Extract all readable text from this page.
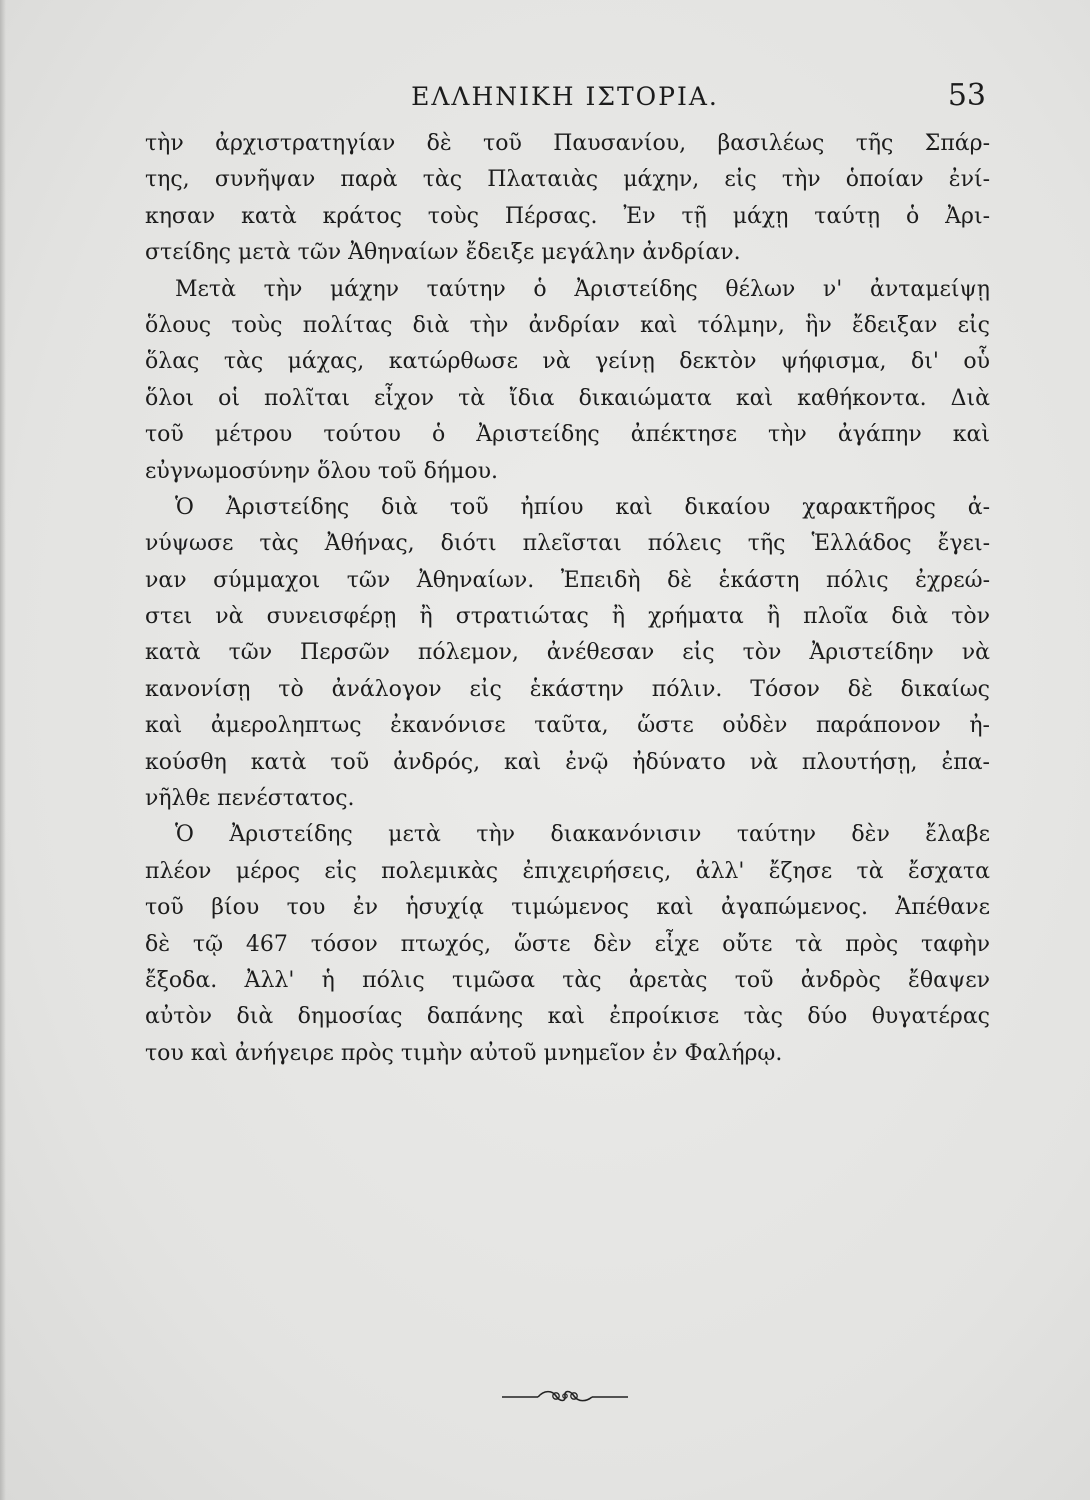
ΕΛΛΗΝΙΚΗ ΙΣΤΟΡΙΑ.	53
τὴν ἀρχιστρατηγίαν δὲ τοῦ Παυσανίου, βασιλέως τῆς Σπάρ-
της, συνῆψαν παρὰ τὰς Πλαταιὰς μάχην, εἰς τὴν ὁποίαν ἐνί-
κησαν κατὰ κράτος τοὺς Πέρσας. Ἐν τῇ μάχῃ ταύτῃ ὁ Ἀρι-
στείδης μετὰ τῶν Ἀθηναίων ἔδειξε μεγάλην ἀνδρίαν.
Μετὰ τὴν μάχην ταύτην ὁ Ἀριστείδης θέλων ν' ἀνταμείψῃ
ὅλους τοὺς πολίτας διὰ τὴν ἀνδρίαν καὶ τόλμην, ἣν ἔδειξαν εἰς
ὅλας τὰς μάχας, κατώρθωσε νὰ γείνῃ δεκτὸν ψήφισμα, δι' οὗ
ὅλοι οἱ πολῖται εἶχον τὰ ἴδια δικαιώματα καὶ καθήκοντα. Διὰ
τοῦ μέτρου τούτου ὁ Ἀριστείδης ἀπέκτησε τὴν ἀγάπην καὶ
εὐγνωμοσύνην ὅλου τοῦ δήμου.
Ὁ Ἀριστείδης διὰ τοῦ ἠπίου καὶ δικαίου χαρακτῆρος ἀ-
νύψωσε τὰς Ἀθήνας, διότι πλεῖσται πόλεις τῆς Ἑλλάδος ἔγει-
ναν σύμμαχοι τῶν Ἀθηναίων. Ἐπειδὴ δὲ ἑκάστη πόλις ἐχρεώ-
στει νὰ συνεισφέρῃ ἢ στρατιώτας ἢ χρήματα ἢ πλοῖα διὰ τὸν
κατὰ τῶν Περσῶν πόλεμον, ἀνέθεσαν εἰς τὸν Ἀριστείδην νὰ
κανονίσῃ τὸ ἀνάλογον εἰς ἑκάστην πόλιν. Τόσον δὲ δικαίως
καὶ ἀμεροληπτως ἐκανόνισε ταῦτα, ὥστε οὐδὲν παράπονον ἠ-
κούσθη κατὰ τοῦ ἀνδρός, καὶ ἐνῷ ἠδύνατο νὰ πλουτήσῃ, ἐπα-
νῆλθε πενέστατος.
Ὁ Ἀριστείδης μετὰ τὴν διακανόνισιν ταύτην δὲν ἔλαβε
πλέον μέρος εἰς πολεμικὰς ἐπιχειρήσεις, ἀλλ' ἔζησε τὰ ἔσχατα
τοῦ βίου του ἐν ἡσυχίᾳ τιμώμενος καὶ ἀγαπώμενος. Ἀπέθανε
δὲ τῷ 467 τόσον πτωχός, ὥστε δὲν εἶχε οὔτε τὰ πρὸς ταφὴν
ἔξοδα. Ἀλλ' ἡ πόλις τιμῶσα τὰς ἀρετὰς τοῦ ἀνδρὸς ἔθαψεν
αὐτὸν διὰ δημοσίας δαπάνης καὶ ἐπροίκισε τὰς δύο θυγατέρας
του καὶ ἀνήγειρε πρὸς τιμὴν αὐτοῦ μνημεῖον ἐν Φαλήρῳ.
